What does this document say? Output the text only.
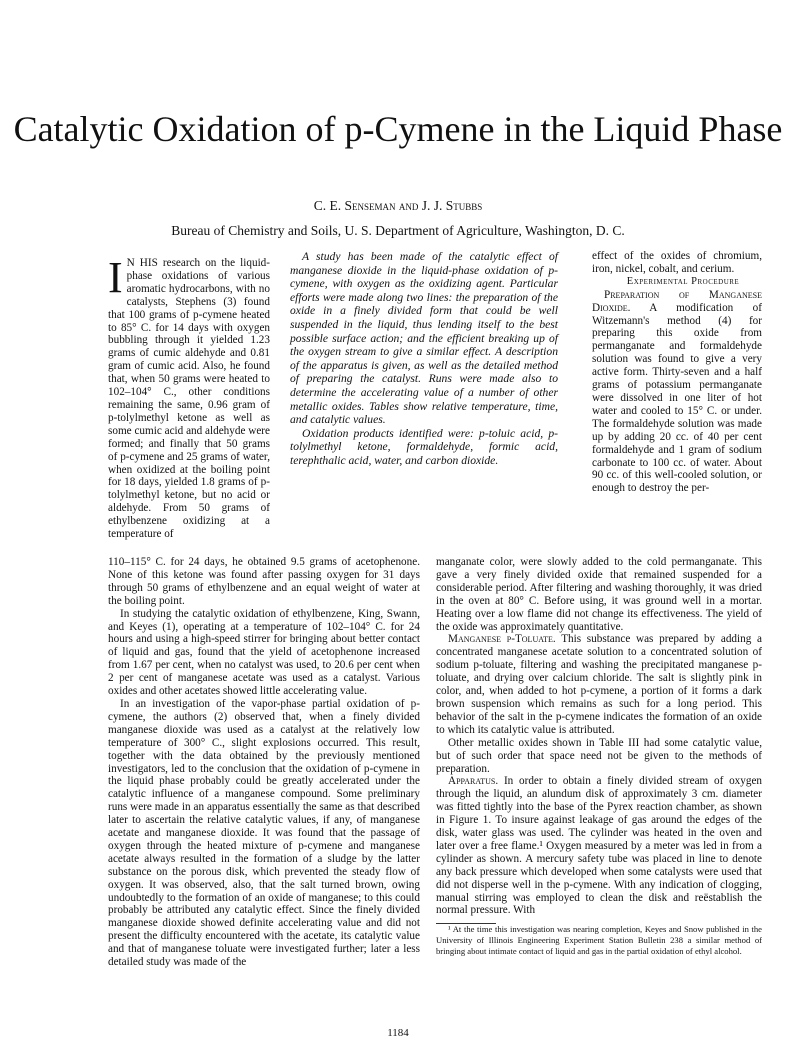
Catalytic Oxidation of p-Cymene in the Liquid Phase
C. E. Senseman and J. J. Stubbs
Bureau of Chemistry and Soils, U. S. Department of Agriculture, Washington, D. C.

I N HIS research on the liquid-phase oxidations of various aromatic hydrocarbons, with no catalysts, Stephens (3) found that 100 grams of p-cymene heated to 85° C. for 14 days with oxygen bubbling through it yielded 1.23 grams of cumic aldehyde and 0.81 gram of cumic acid. Also, he found that, when 50 grams were heated to 102–104° C., other conditions remaining the same, 0.96 gram of p-tolylmethyl ketone as well as some cumic acid and aldehyde were formed; and finally that 50 grams of p-cymene and 25 grams of water, when oxidized at the boiling point for 18 days, yielded 1.8 grams of p-tolylmethyl ketone, but no acid or aldehyde. From 50 grams of ethylbenzene oxidizing at a temperature of

A study has been made of the catalytic effect of manganese dioxide in the liquid-phase oxidation of p-cymene, with oxygen as the oxidizing agent. Particular efforts were made along two lines: the preparation of the oxide in a finely divided form that could be well suspended in the liquid, thus lending itself to the best possible surface action; and the efficient breaking up of the oxygen stream to give a similar effect. A description of the apparatus is given, as well as the detailed method of preparing the catalyst. Runs were made also to determine the accelerating value of a number of other metallic oxides. Tables show relative temperature, time, and catalytic values.

Oxidation products identified were: p-toluic acid, p-tolylmethyl ketone, formaldehyde, formic acid, terephthalic acid, water, and carbon dioxide.

effect of the oxides of chromium, iron, nickel, cobalt, and cerium.

Experimental Procedure

Preparation of Manganese Dioxide. A modification of Witzemann's method (4) for preparing this oxide from permanganate and formaldehyde solution was found to give a very active form. Thirty-seven and a half grams of potassium permanganate were dissolved in one liter of hot water and cooled to 15° C. or under. The formaldehyde solution was made up by adding 20 cc. of 40 per cent formaldehyde and 1 gram of sodium carbonate to 100 cc. of water. About 90 cc. of this well-cooled solution, or enough to destroy the per-

110–115° C. for 24 days, he obtained 9.5 grams of acetophenone. None of this ketone was found after passing oxygen for 31 days through 50 grams of ethylbenzene and an equal weight of water at the boiling point.

In studying the catalytic oxidation of ethylbenzene, King, Swann, and Keyes (1), operating at a temperature of 102–104° C. for 24 hours and using a high-speed stirrer for bringing about better contact of liquid and gas, found that the yield of acetophenone increased from 1.67 per cent, when no catalyst was used, to 20.6 per cent when 2 per cent of manganese acetate was used as a catalyst. Various oxides and other acetates showed little accelerating value.

In an investigation of the vapor-phase partial oxidation of p-cymene, the authors (2) observed that, when a finely divided manganese dioxide was used as a catalyst at the relatively low temperature of 300° C., slight explosions occurred. This result, together with the data obtained by the previously mentioned investigators, led to the conclusion that the oxidation of p-cymene in the liquid phase probably could be greatly accelerated under the catalytic influence of a manganese compound. Some preliminary runs were made in an apparatus essentially the same as that described later to ascertain the relative catalytic values, if any, of manganese acetate and manganese dioxide. It was found that the passage of oxygen through the heated mixture of p-cymene and manganese acetate always resulted in the formation of a sludge by the latter substance on the porous disk, which prevented the steady flow of oxygen. It was observed, also, that the salt turned brown, owing undoubtedly to the formation of an oxide of manganese; to this could probably be attributed any catalytic effect. Since the finely divided manganese dioxide showed definite accelerating value and did not present the difficulty encountered with the acetate, its catalytic value and that of manganese toluate were investigated further; later a less detailed study was made of the

manganate color, were slowly added to the cold permanganate. This gave a very finely divided oxide that remained suspended for a considerable period. After filtering and washing thoroughly, it was dried in the oven at 80° C. Before using, it was ground well in a mortar. Heating over a low flame did not change its effectiveness. The yield of the oxide was approximately quantitative.

Manganese p-Toluate. This substance was prepared by adding a concentrated manganese acetate solution to a concentrated solution of sodium p-toluate, filtering and washing the precipitated manganese p-toluate, and drying over calcium chloride. The salt is slightly pink in color, and, when added to hot p-cymene, a portion of it forms a dark brown suspension which remains as such for a long period. This behavior of the salt in the p-cymene indicates the formation of an oxide to which its catalytic value is attributed.

Other metallic oxides shown in Table III had some catalytic value, but of such order that space need not be given to the methods of preparation.

Apparatus. In order to obtain a finely divided stream of oxygen through the liquid, an alundum disk of approximately 3 cm. diameter was fitted tightly into the base of the Pyrex reaction chamber, as shown in Figure 1. To insure against leakage of gas around the edges of the disk, water glass was used. The cylinder was heated in the oven and later over a free flame.¹ Oxygen measured by a meter was led in from a cylinder as shown. A mercury safety tube was placed in line to denote any back pressure which developed when some catalysts were used that did not disperse well in the p-cymene. With any indication of clogging, manual stirring was employed to clean the disk and reëstablish the normal pressure. With

¹ At the time this investigation was nearing completion, Keyes and Snow published in the University of Illinois Engineering Experiment Station Bulletin 238 a similar method of bringing about intimate contact of liquid and gas in the partial oxidation of ethyl alcohol.

1184
